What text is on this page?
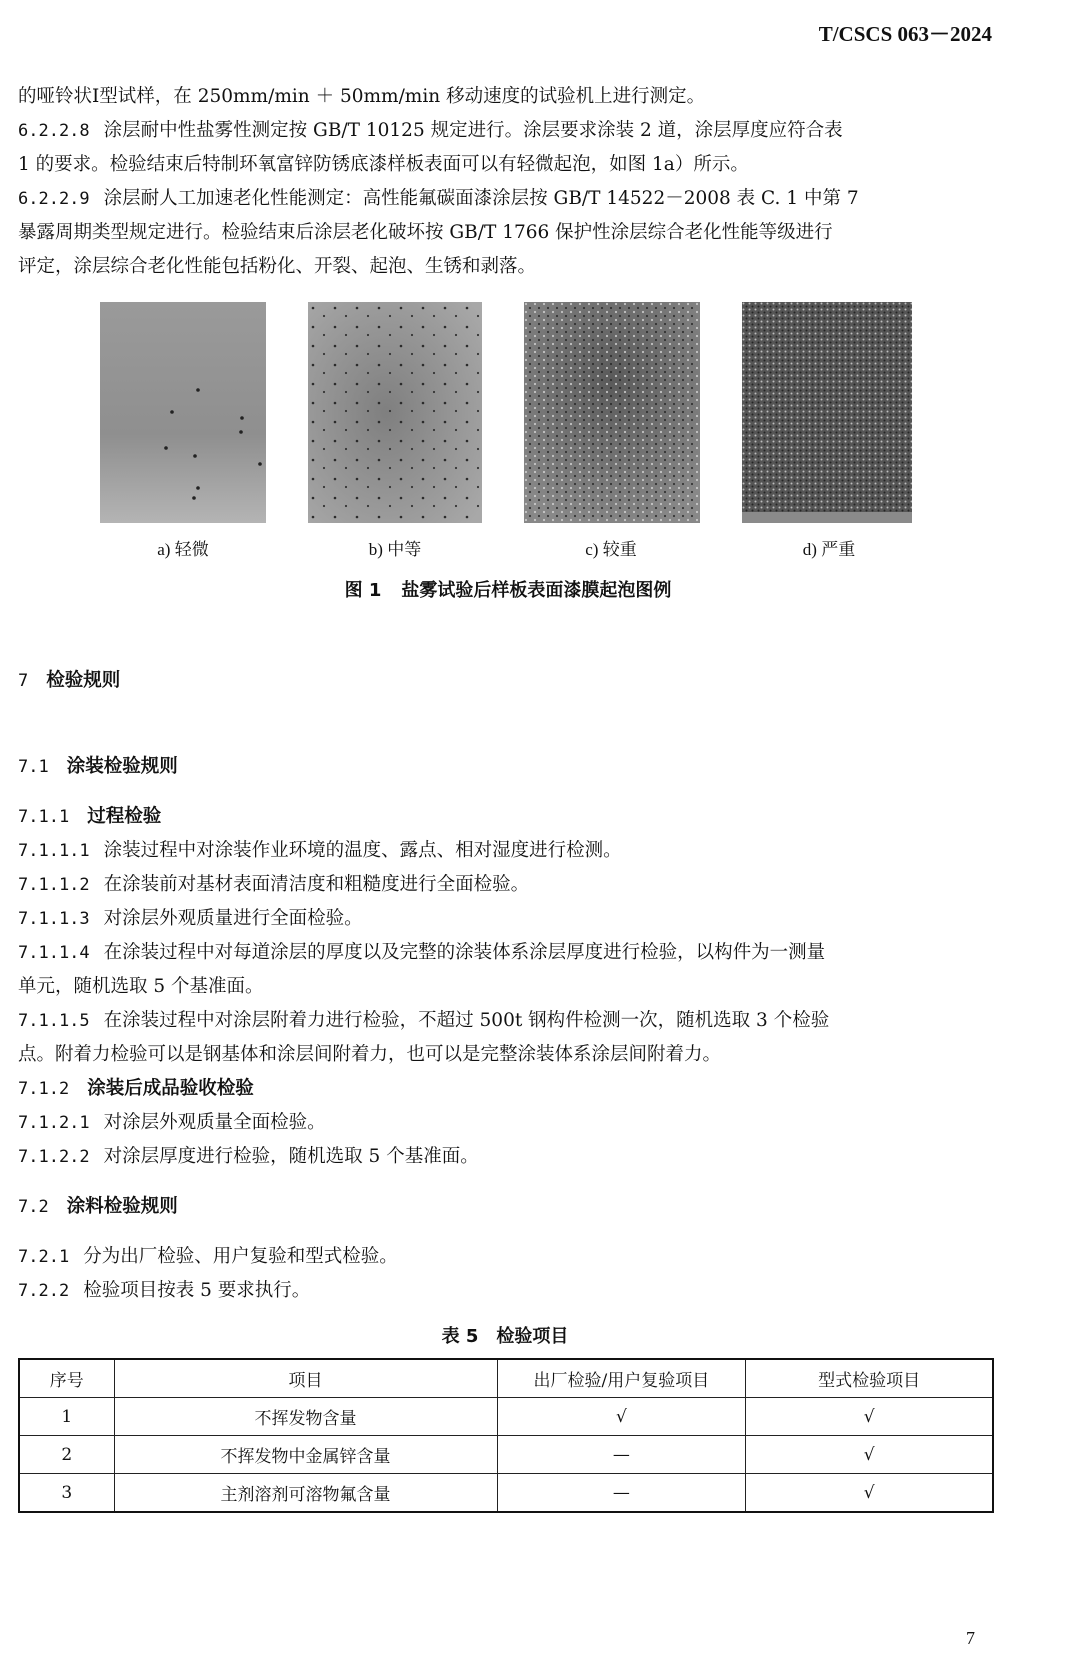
T/CSCS 063－2024
的哑铃状Ⅰ型试样，在 250mm/min ＋ 50mm/min 移动速度的试验机上进行测定。
6.2.2.8 涂层耐中性盐雾性测定按 GB/T 10125 规定进行。涂层要求涂装 2 道，涂层厚度应符合表
1 的要求。检验结束后特制环氧富锌防锈底漆样板表面可以有轻微起泡，如图 1a）所示。
6.2.2.9 涂层耐人工加速老化性能测定：高性能氟碳面漆涂层按 GB/T 14522－2008 表 C. 1 中第 7
暴露周期类型规定进行。检验结束后涂层老化破坏按 GB/T 1766 保护性涂层综合老化性能等级进行
评定，涂层综合老化性能包括粉化、开裂、起泡、生锈和剥落。
a) 轻微	b) 中等	c) 较重	d) 严重
图 1 盐雾试验后样板表面漆膜起泡图例
7 检验规则
7.1 涂装检验规则
7.1.1 过程检验
7.1.1.1 涂装过程中对涂装作业环境的温度、露点、相对湿度进行检测。
7.1.1.2 在涂装前对基材表面清洁度和粗糙度进行全面检验。
7.1.1.3 对涂层外观质量进行全面检验。
7.1.1.4 在涂装过程中对每道涂层的厚度以及完整的涂装体系涂层厚度进行检验，以构件为一测量
单元，随机选取 5 个基准面。
7.1.1.5 在涂装过程中对涂层附着力进行检验，不超过 500t 钢构件检测一次，随机选取 3 个检验
点。附着力检验可以是钢基体和涂层间附着力，也可以是完整涂装体系涂层间附着力。
7.1.2 涂装后成品验收检验
7.1.2.1 对涂层外观质量全面检验。
7.1.2.2 对涂层厚度进行检验，随机选取 5 个基准面。
7.2 涂料检验规则
7.2.1 分为出厂检验、用户复验和型式检验。
7.2.2 检验项目按表 5 要求执行。
表 5 检验项目
序号	项目	出厂检验/用户复验项目	型式检验项目
1	不挥发物含量	√	√
2	不挥发物中金属锌含量	—	√
3	主剂溶剂可溶物氟含量	—	√
7
